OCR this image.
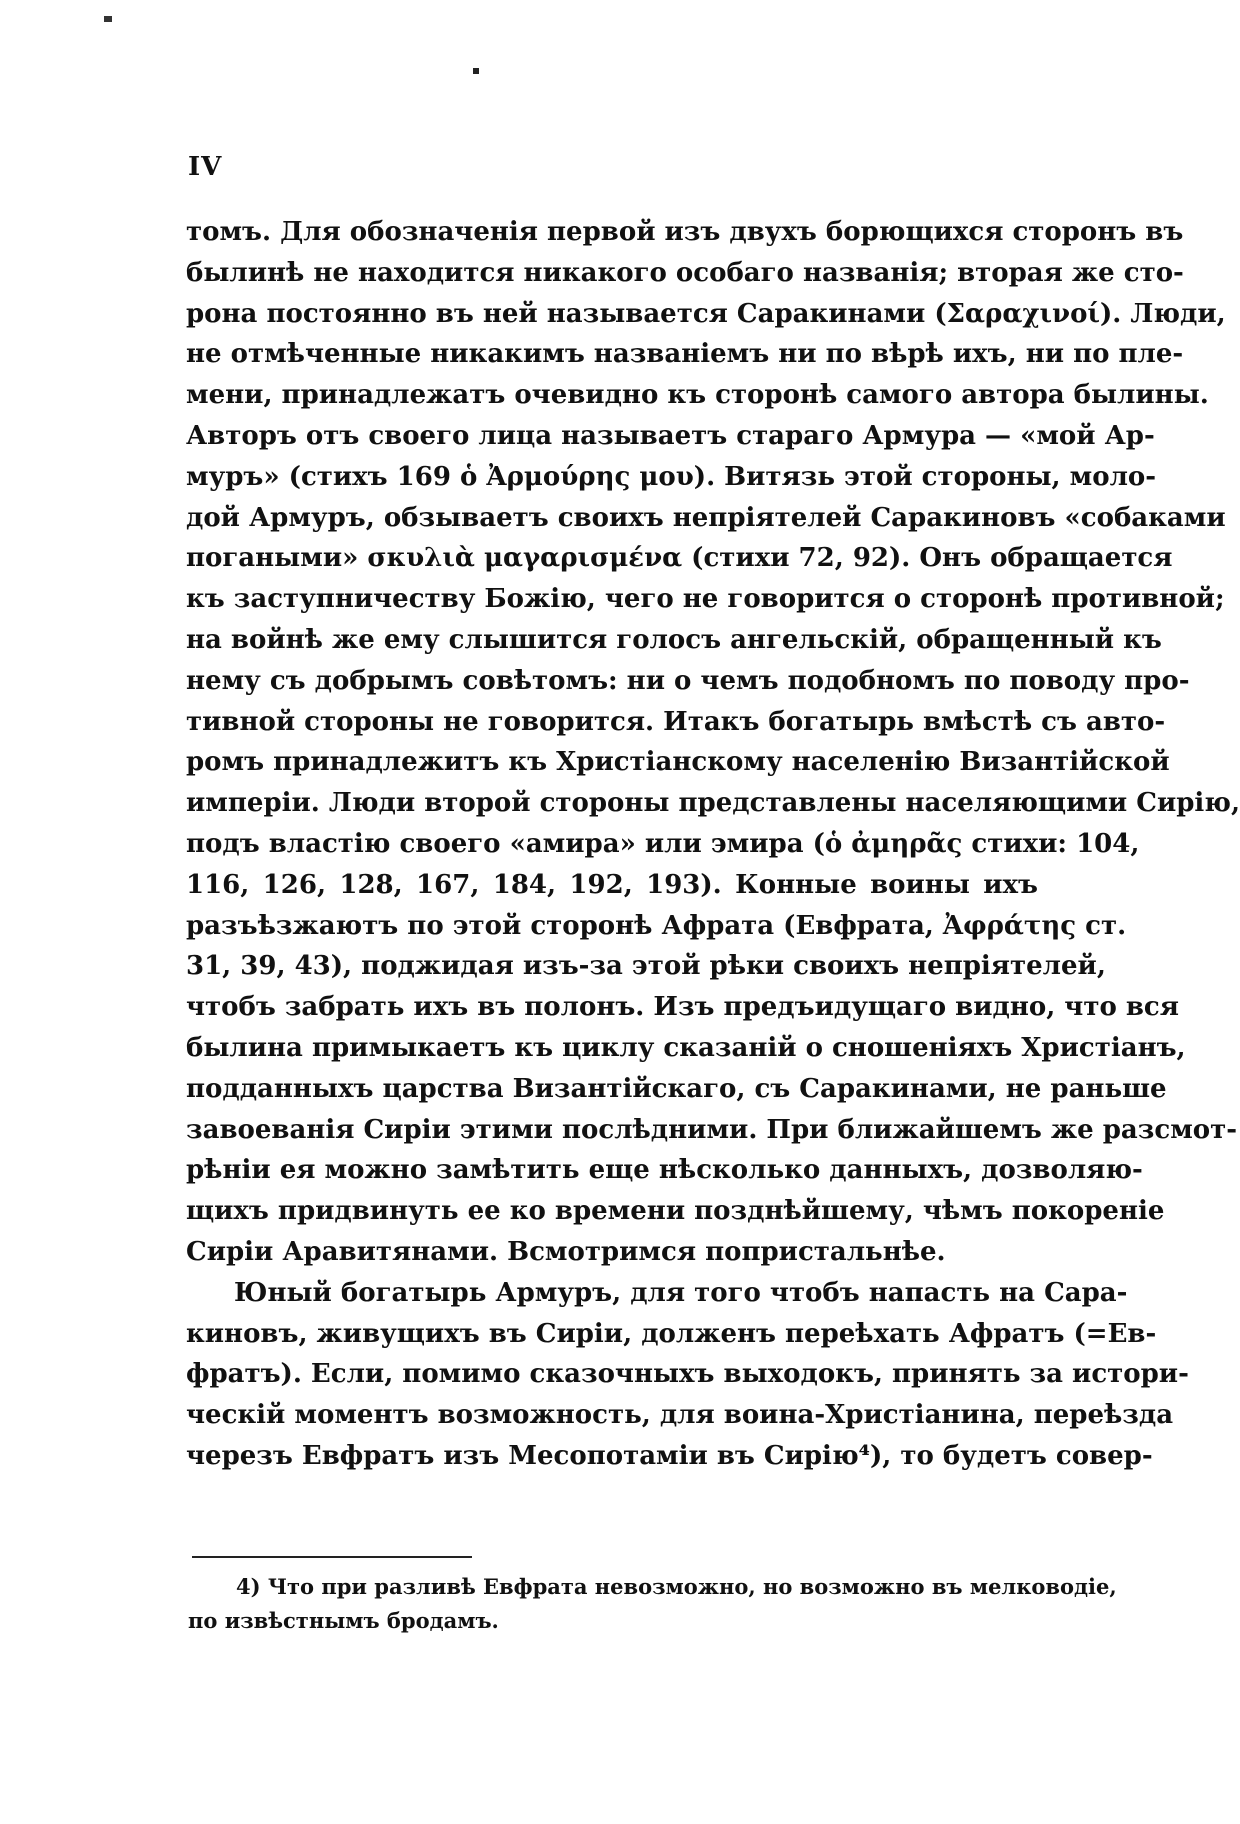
IV
томъ. Для обозначенія первой изъ двухъ борющихся сторонъ въ
былинѣ не находится никакого особаго названія; вторая же сто-
рона постоянно въ ней называется Саракинами (Σαραχινοί). Люди,
не отмѣченные никакимъ названіемъ ни по вѣрѣ ихъ, ни по пле-
мени, принадлежатъ очевидно къ сторонѣ самого автора былины.
Авторъ отъ своего лица называетъ стараго Армура — «мой Ар-
муръ» (стихъ 169 ὁ Ἀρμούρης μου). Витязь этой стороны, моло-
дой Армуръ, обзываетъ своихъ непріятелей Саракиновъ «собаками
погаными» σκυλιὰ μαγαρισμένα (стихи 72, 92). Онъ обращается
къ заступничеству Божію, чего не говорится о сторонѣ противной;
на войнѣ же ему слышится голосъ ангельскій, обращенный къ
нему съ добрымъ совѣтомъ: ни о чемъ подобномъ по поводу про-
тивной стороны не говорится. Итакъ богатырь вмѣстѣ съ авто-
ромъ принадлежитъ къ Христіанскому населенію Византійской
имперіи. Люди второй стороны представлены населяющими Сирію,
подъ властію своего «амира» или эмира (ὁ ἀμηρᾶς стихи: 104,
116, 126, 128, 167, 184, 192, 193). Конные воины ихъ
разъѣзжаютъ по этой сторонѣ Афрата (Евфрата, Ἀφράτης ст.
31, 39, 43), поджидая изъ-за этой рѣки своихъ непріятелей,
чтобъ забрать ихъ въ полонъ. Изъ предъидущаго видно, что вся
былина примыкаетъ къ циклу сказаній о сношеніяхъ Христіанъ,
подданныхъ царства Византійскаго, съ Саракинами, не раньше
завоеванія Сиріи этими послѣдними. При ближайшемъ же разсмот-
рѣніи ея можно замѣтить еще нѣсколько данныхъ, дозволяю-
щихъ придвинуть ее ко времени позднѣйшему, чѣмъ покореніе
Сиріи Аравитянами. Всмотримся попристальнѣе.
Юный богатырь Армуръ, для того чтобъ напасть на Сара-
киновъ, живущихъ въ Сиріи, долженъ переѣхать Афратъ (=Ев-
фратъ). Если, помимо сказочныхъ выходокъ, принять за истори-
ческій моментъ возможность, для воина-Христіанина, переѣзда
черезъ Евфратъ изъ Месопотаміи въ Сирію⁴), то будетъ совер-
4) Что при разливѣ Евфрата невозможно, но возможно въ мелководіе,
по извѣстнымъ бродамъ.
